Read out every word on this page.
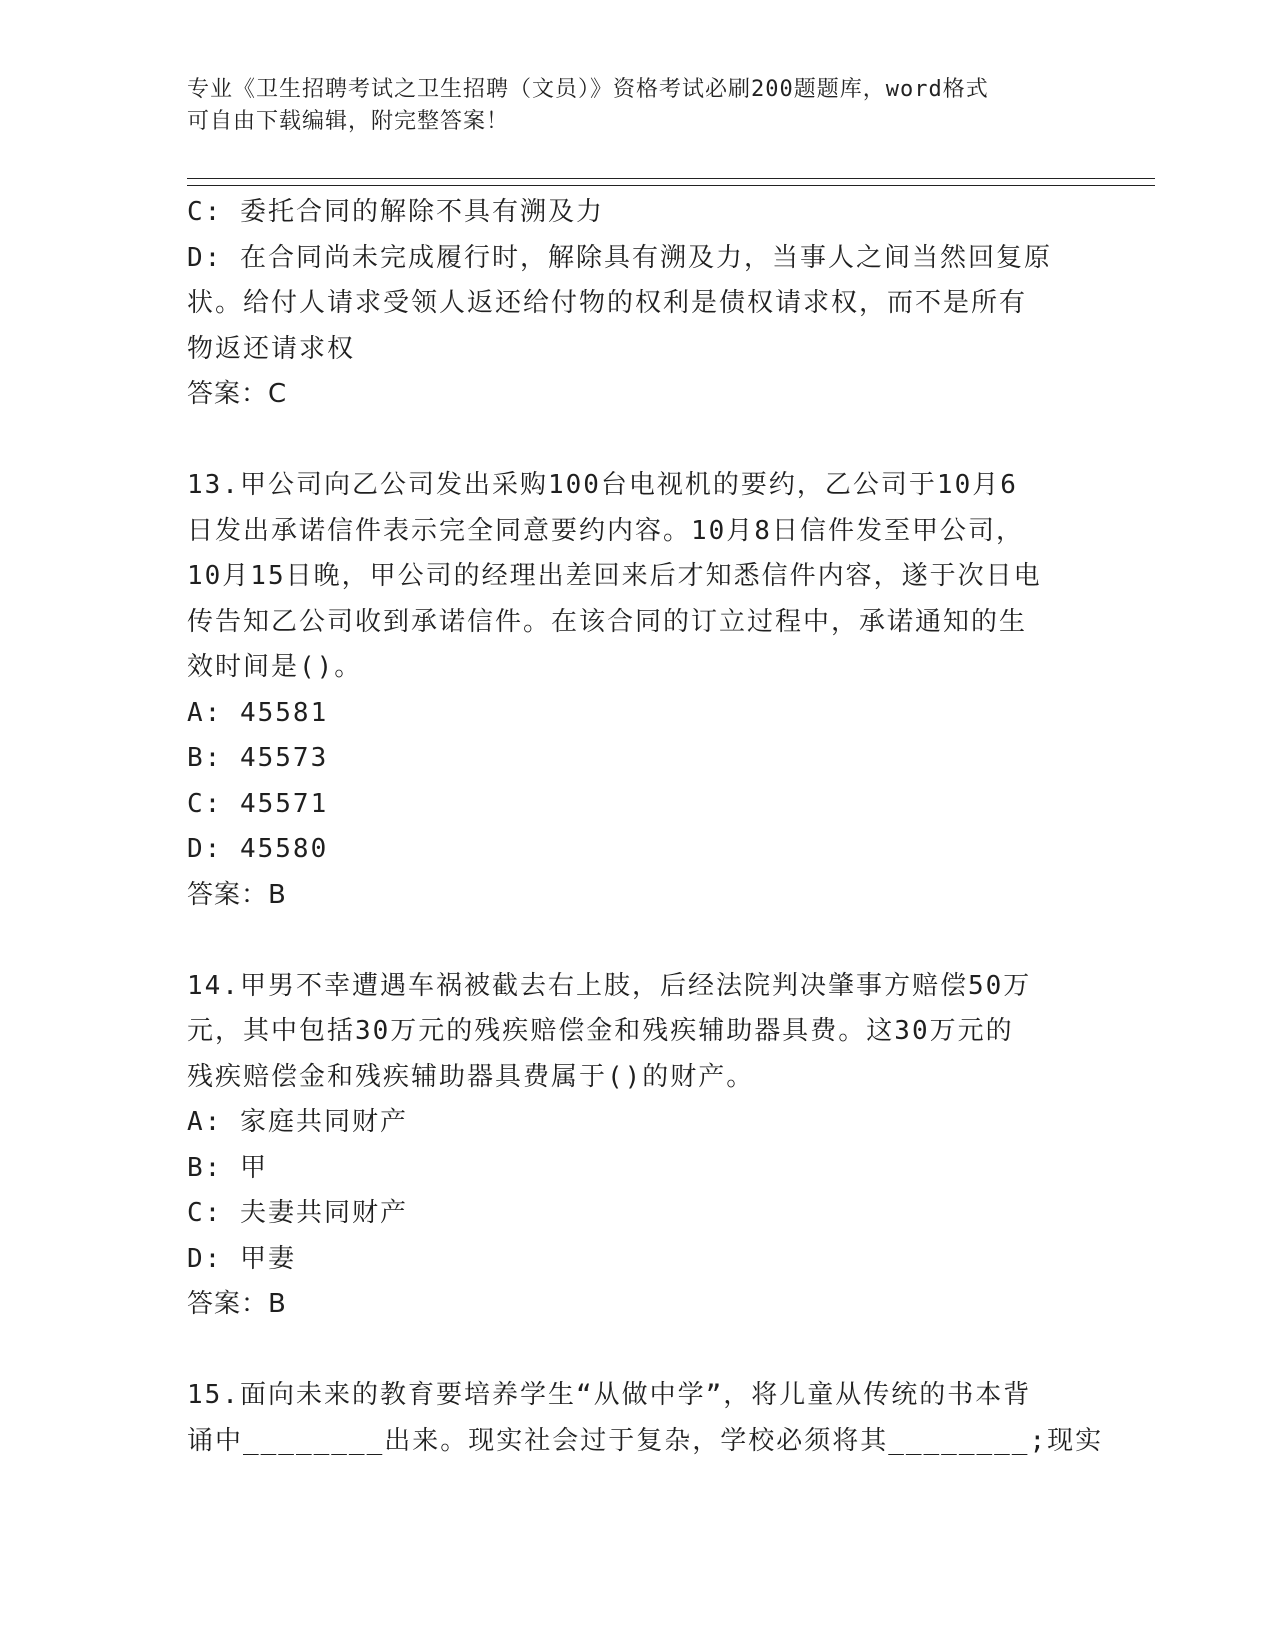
专业《卫生招聘考试之卫生招聘（文员）》资格考试必刷200题题库，word格式
可自由下载编辑，附完整答案！
C: 委托合同的解除不具有溯及力
D: 在合同尚未完成履行时，解除具有溯及力，当事人之间当然回复原
状。给付人请求受领人返还给付物的权利是债权请求权，而不是所有
物返还请求权
答案：C
13.甲公司向乙公司发出采购100台电视机的要约，乙公司于10月6
日发出承诺信件表示完全同意要约内容。10月8日信件发至甲公司，
10月15日晚，甲公司的经理出差回来后才知悉信件内容，遂于次日电
传告知乙公司收到承诺信件。在该合同的订立过程中，承诺通知的生
效时间是()。
A: 45581
B: 45573
C: 45571
D: 45580
答案：B
14.甲男不幸遭遇车祸被截去右上肢，后经法院判决肇事方赔偿50万
元，其中包括30万元的残疾赔偿金和残疾辅助器具费。这30万元的
残疾赔偿金和残疾辅助器具费属于()的财产。
A: 家庭共同财产
B: 甲
C: 夫妻共同财产
D: 甲妻
答案：B
15.面向未来的教育要培养学生“从做中学”，将儿童从传统的书本背
诵中________出来。现实社会过于复杂，学校必须将其________;现实
